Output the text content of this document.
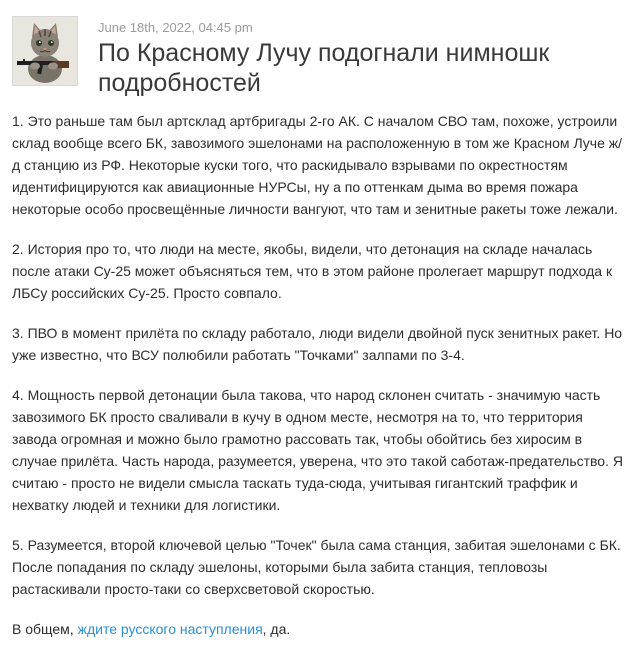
June 18th, 2022, 04:45 pm
По Красному Лучу подогнали нимношк подробностей

1. Это раньше там был артсклад артбригады 2-го АК. С началом СВО там, похоже, устроили склад вообще всего БК, завозимого эшелонами на расположенную в том же Красном Луче ж/д станцию из РФ. Некоторые куски того, что раскидывало взрывами по окрестностям идентифицируются как авиационные НУРСы, ну а по оттенкам дыма во время пожара некоторые особо просвещённые личности вангуют, что там и зенитные ракеты тоже лежали.

2. История про то, что люди на месте, якобы, видели, что детонация на складе началась после атаки Су-25 может объясняться тем, что в этом районе пролегает маршрут подхода к ЛБСу российских Су-25. Просто совпало.

3. ПВО в момент прилёта по складу работало, люди видели двойной пуск зенитных ракет. Но уже известно, что ВСУ полюбили работать "Точками" залпами по 3-4.

4. Мощность первой детонации была такова, что народ склонен считать - значимую часть завозимого БК просто сваливали в кучу в одном месте, несмотря на то, что территория завода огромная и можно было грамотно рассовать так, чтобы обойтись без хиросим в случае прилёта. Часть народа, разумеется, уверена, что это такой саботаж-предательство. Я считаю - просто не видели смысла таскать туда-сюда, учитывая гигантский траффик и нехватку людей и техники для логистики.

5. Разумеется, второй ключевой целью "Точек" была сама станция, забитая эшелонами с БК. После попадания по складу эшелоны, которыми была забита станция, тепловозы растаскивали просто-таки со сверхсветовой скоростью.

В общем, ждите русского наступления, да.
